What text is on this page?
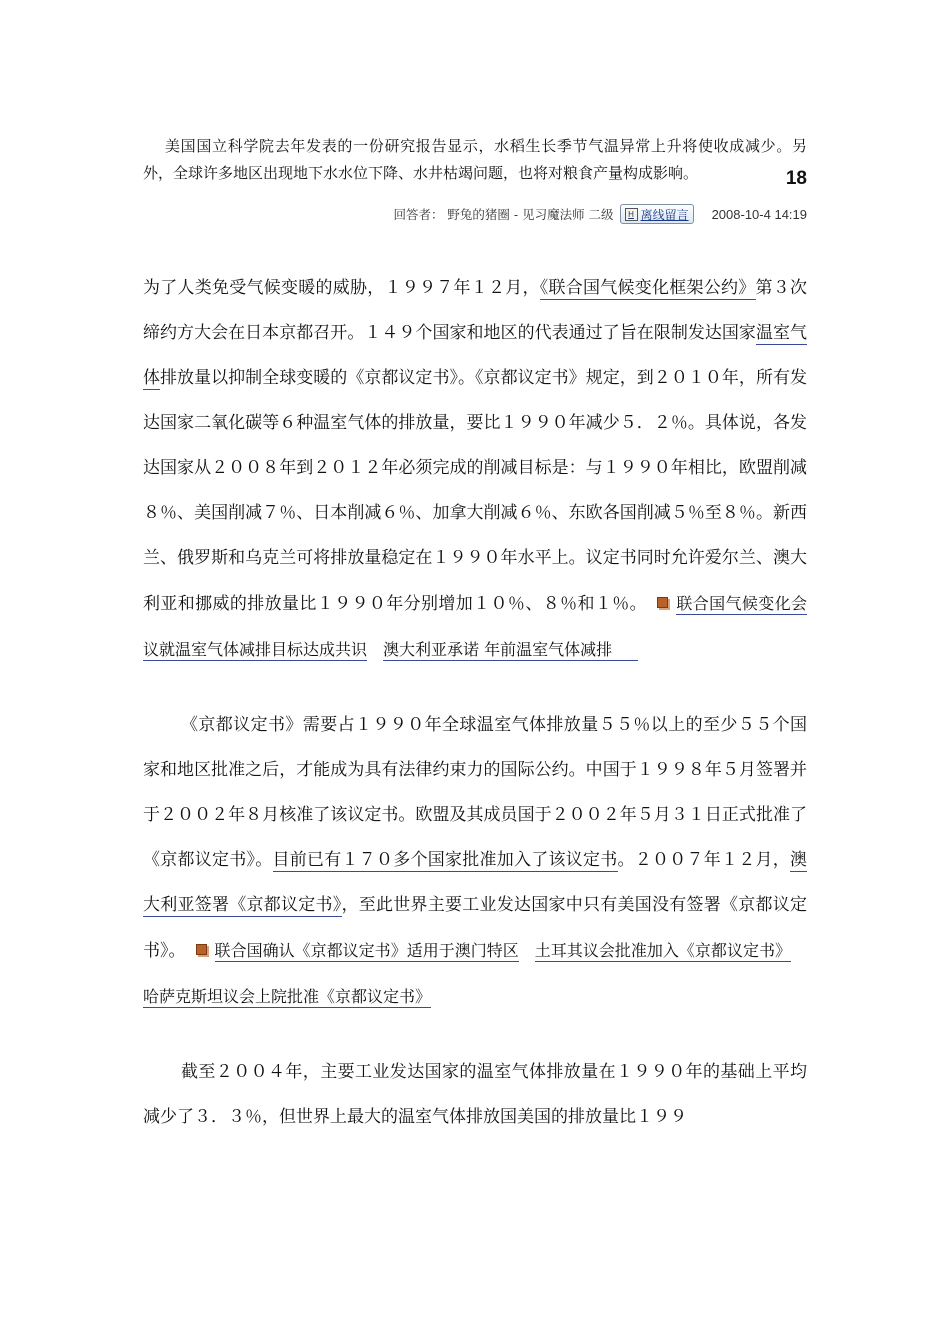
美国国立科学院去年发表的一份研究报告显示，水稻生长季节气温异常上升将使收成减少。另外，全球许多地区出现地下水水位下降、水井枯竭问题，也将对粮食产量构成影响。	18
回答者： 野兔的猪圈 - 见习魔法师 二级	H 离线留言 2008-10-4 14:19

为了人类免受气候变暖的威胁，１９９７年１２月，《联合国气候变化框架公约》第３次缔约方大会在日本京都召开。１４９个国家和地区的代表通过了旨在限制发达国家温室气体排放量以抑制全球变暖的《京都议定书》。《京都议定书》规定，到２０１０年，所有发达国家二氧化碳等６种温室气体的排放量，要比１９９０年减少５．２％。具体说，各发达国家从２００８年到２０１２年必须完成的削减目标是：与１９９０年相比，欧盟削减８％、美国削减７％、日本削减６％、加拿大削减６％、东欧各国削减５％至８％。新西兰、俄罗斯和乌克兰可将排放量稳定在１９９０年水平上。议定书同时允许爱尔兰、澳大利亚和挪威的排放量比１９９０年分别增加１０％、８％和１％。 联合国气候变化会议就温室气体减排目标达成共识 澳大利亚承诺 年前温室气体减排

《京都议定书》需要占１９９０年全球温室气体排放量５５％以上的至少５５个国家和地区批准之后，才能成为具有法律约束力的国际公约。中国于１９９８年５月签署并于２００２年８月核准了该议定书。欧盟及其成员国于２００２年５月３１日正式批准了《京都议定书》。目前已有１７０多个国家批准加入了该议定书。２００７年１２月，澳大利亚签署《京都议定书》，至此世界主要工业发达国家中只有美国没有签署《京都议定书》。 联合国确认《京都议定书》适用于澳门特区 土耳其议会批准加入《京都议定书》哈萨克斯坦议会上院批准《京都议定书》

截至２００４年，主要工业发达国家的温室气体排放量在１９９０年的基础上平均减少了３．３％，但世界上最大的温室气体排放国美国的排放量比１９９
